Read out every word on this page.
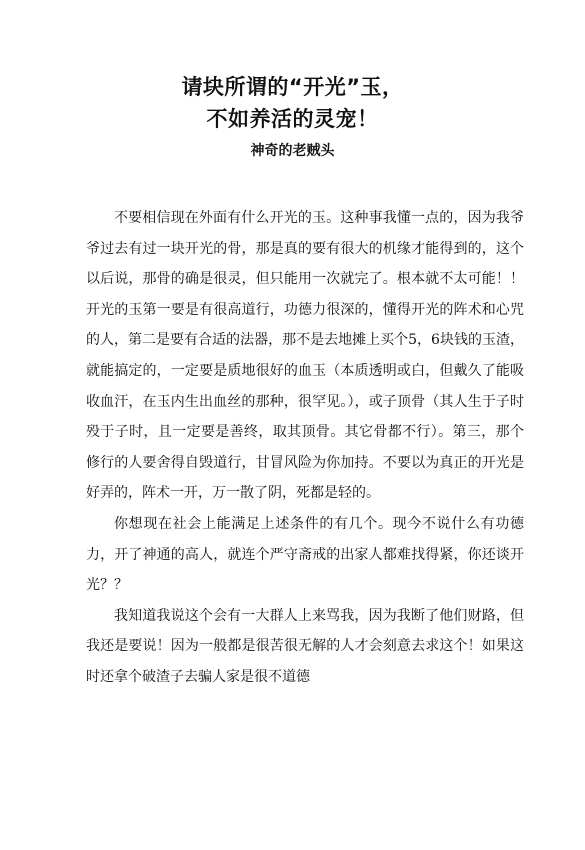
请块所谓的“开光”玉，
不如养活的灵宠！
神奇的老贼头

不要相信现在外面有什么开光的玉。这种事我懂一点的，因为我爷爷过去有过一块开光的骨，那是真的要有很大的机缘才能得到的，这个以后说，那骨的确是很灵，但只能用一次就完了。根本就不太可能！！开光的玉第一要是有很高道行，功德力很深的，懂得开光的阵术和心咒的人，第二是要有合适的法器，那不是去地摊上买个5，6块钱的玉渣，就能搞定的，一定要是质地很好的血玉（本质透明或白，但戴久了能吸收血汗，在玉内生出血丝的那种，很罕见。），或子顶骨（其人生于子时殁于子时，且一定要是善终，取其顶骨。其它骨都不行）。第三，那个修行的人要舍得自毁道行，甘冒风险为你加持。不要以为真正的开光是好弄的，阵术一开，万一散了阴，死都是轻的。

你想现在社会上能满足上述条件的有几个。现今不说什么有功德力，开了神通的高人，就连个严守斋戒的出家人都难找得紧，你还谈开光？？

我知道我说这个会有一大群人上来骂我，因为我断了他们财路，但我还是要说！因为一般都是很苦很无解的人才会刻意去求这个！如果这时还拿个破渣子去骗人家是很不道德
